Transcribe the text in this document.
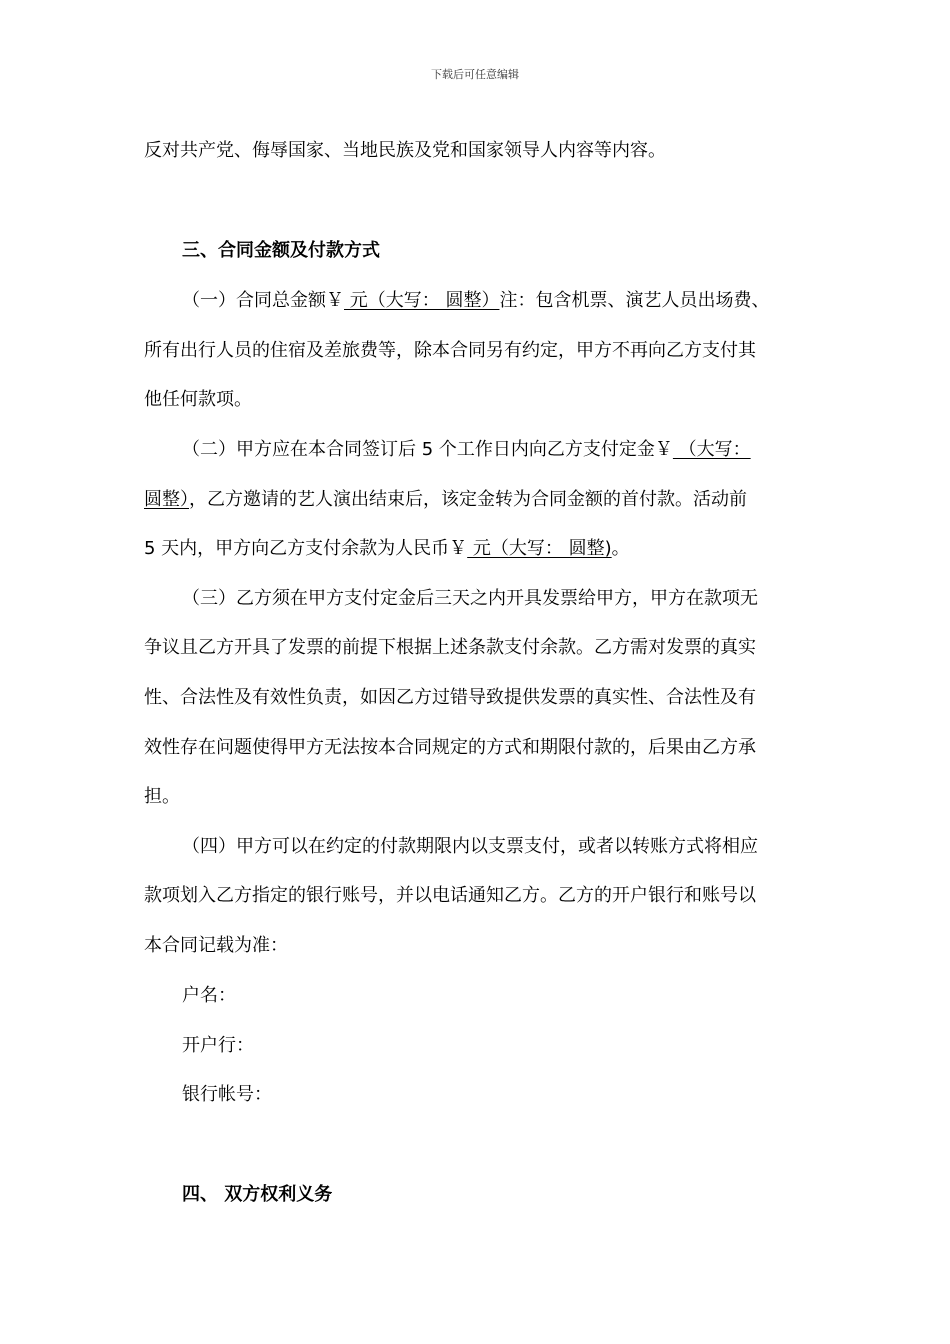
下载后可任意编辑
反对共产党、侮辱国家、当地民族及党和国家领导人内容等内容。
三、合同金额及付款方式
（一）合同总金额￥ 元（大写： 圆整）注：包含机票、演艺人员出场费、
所有出行人员的住宿及差旅费等，除本合同另有约定，甲方不再向乙方支付其
他任何款项。
（二）甲方应在本合同签订后 5 个工作日内向乙方支付定金￥ （大写：
圆整），乙方邀请的艺人演出结束后，该定金转为合同金额的首付款。活动前
5 天内，甲方向乙方支付余款为人民币￥ 元（大写： 圆整)。
（三）乙方须在甲方支付定金后三天之内开具发票给甲方，甲方在款项无
争议且乙方开具了发票的前提下根据上述条款支付余款。乙方需对发票的真实
性、合法性及有效性负责，如因乙方过错导致提供发票的真实性、合法性及有
效性存在问题使得甲方无法按本合同规定的方式和期限付款的，后果由乙方承
担。
（四）甲方可以在约定的付款期限内以支票支付，或者以转账方式将相应
款项划入乙方指定的银行账号，并以电话通知乙方。乙方的开户银行和账号以
本合同记载为准：
户名：
开户行：
银行帐号：
四、 双方权利义务
